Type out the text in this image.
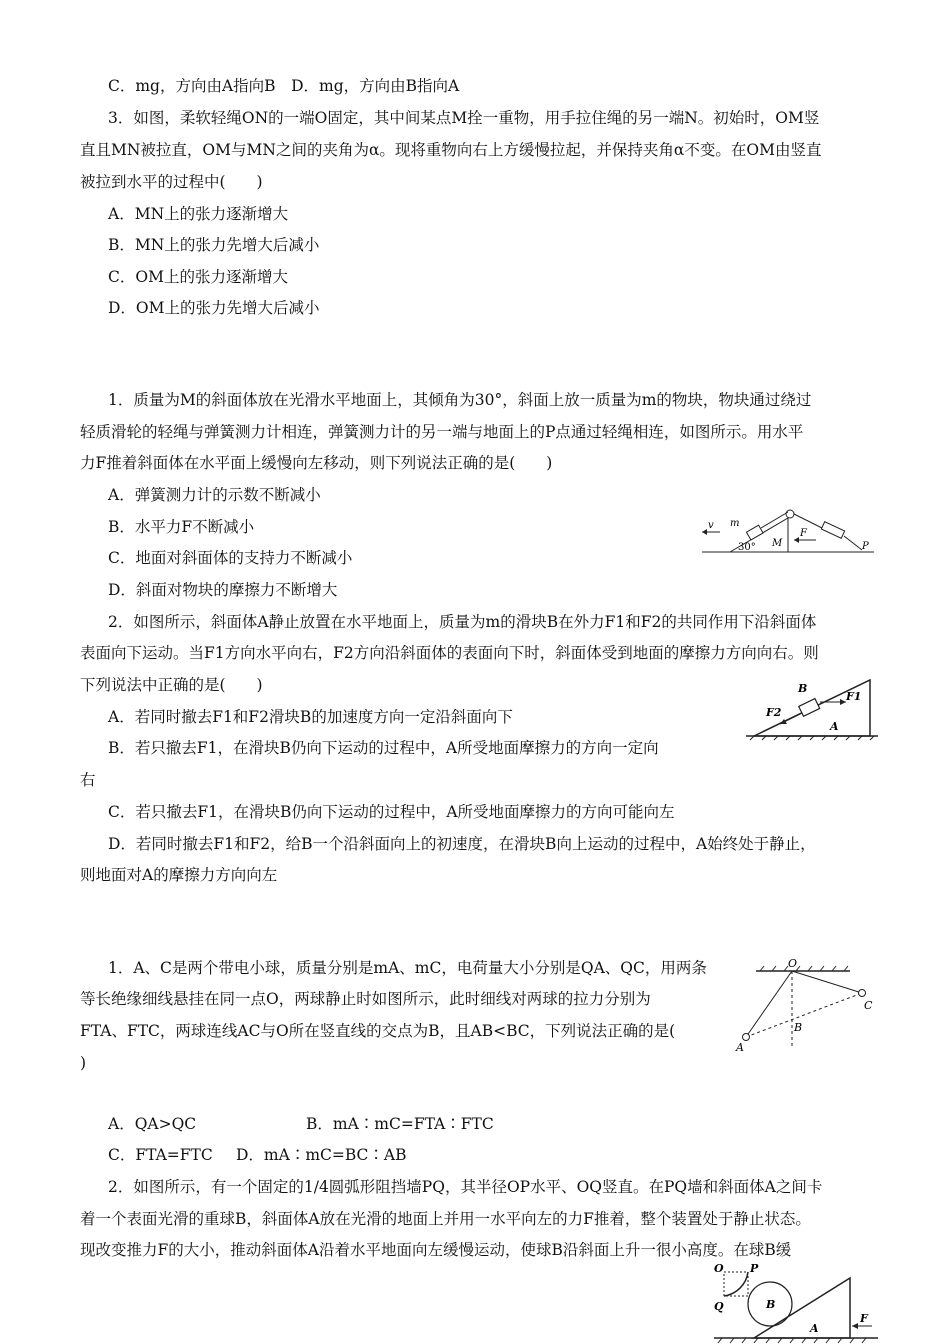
C．mg，方向由A指向B　D．mg，方向由B指向A
3．如图，柔软轻绳ON的一端O固定，其中间某点M拴一重物，用手拉住绳的另一端N。初始时，OM竖
直且MN被拉直，OM与MN之间的夹角为α。现将重物向右上方缓慢拉起，并保持夹角α不变。在OM由竖直
被拉到水平的过程中(　　)
A．MN上的张力逐渐增大
B．MN上的张力先增大后减小
C．OM上的张力逐渐增大
D．OM上的张力先增大后减小
1．质量为M的斜面体放在光滑水平地面上，其倾角为30°，斜面上放一质量为m的物块，物块通过绕过
轻质滑轮的轻绳与弹簧测力计相连，弹簧测力计的另一端与地面上的P点通过轻绳相连，如图所示。用水平
力F推着斜面体在水平面上缓慢向左移动，则下列说法正确的是(　　)
A．弹簧测力计的示数不断减小
B．水平力F不断减小
C．地面对斜面体的支持力不断减小
D．斜面对物块的摩擦力不断增大
v m
30° M
F
P
2．如图所示，斜面体A静止放置在水平地面上，质量为m的滑块B在外力F1和F2的共同作用下沿斜面体
表面向下运动。当F1方向水平向右，F2方向沿斜面体的表面向下时，斜面体受到地面的摩擦力方向向右。则
下列说法中正确的是(　　)
A．若同时撤去F1和F2滑块B的加速度方向一定沿斜面向下
B．若只撤去F1，在滑块B仍向下运动的过程中，A所受地面摩擦力的方向一定向
右
C．若只撤去F1，在滑块B仍向下运动的过程中，A所受地面摩擦力的方向可能向左
D．若同时撤去F1和F2，给B一个沿斜面向上的初速度，在滑块B向上运动的过程中，A始终处于静止，
则地面对A的摩擦力方向向左
B
F1
F2
A
1．A、C是两个带电小球，质量分别是mA、mC，电荷量大小分别是QA、QC，用两条
等长绝缘细线悬挂在同一点O，两球静止时如图所示，此时细线对两球的拉力分别为
FTA、FTC，两球连线AC与O所在竖直线的交点为B，且AB<BC，下列说法正确的是(
)
A．QA>QC	B．mA∶mC=FTA∶FTC
C．FTA=FTC D．mA∶mC=BC∶AB
O
A
B
C
2．如图所示，有一个固定的1/4圆弧形阻挡墙PQ，其半径OP水平、OQ竖直。在PQ墙和斜面体A之间卡
着一个表面光滑的重球B，斜面体A放在光滑的地面上并用一水平向左的力F推着，整个装置处于静止状态。
现改变推力F的大小，推动斜面体A沿着水平地面向左缓慢运动，使球B沿斜面上升一很小高度。在球B缓
O P
Q	B
F
A
